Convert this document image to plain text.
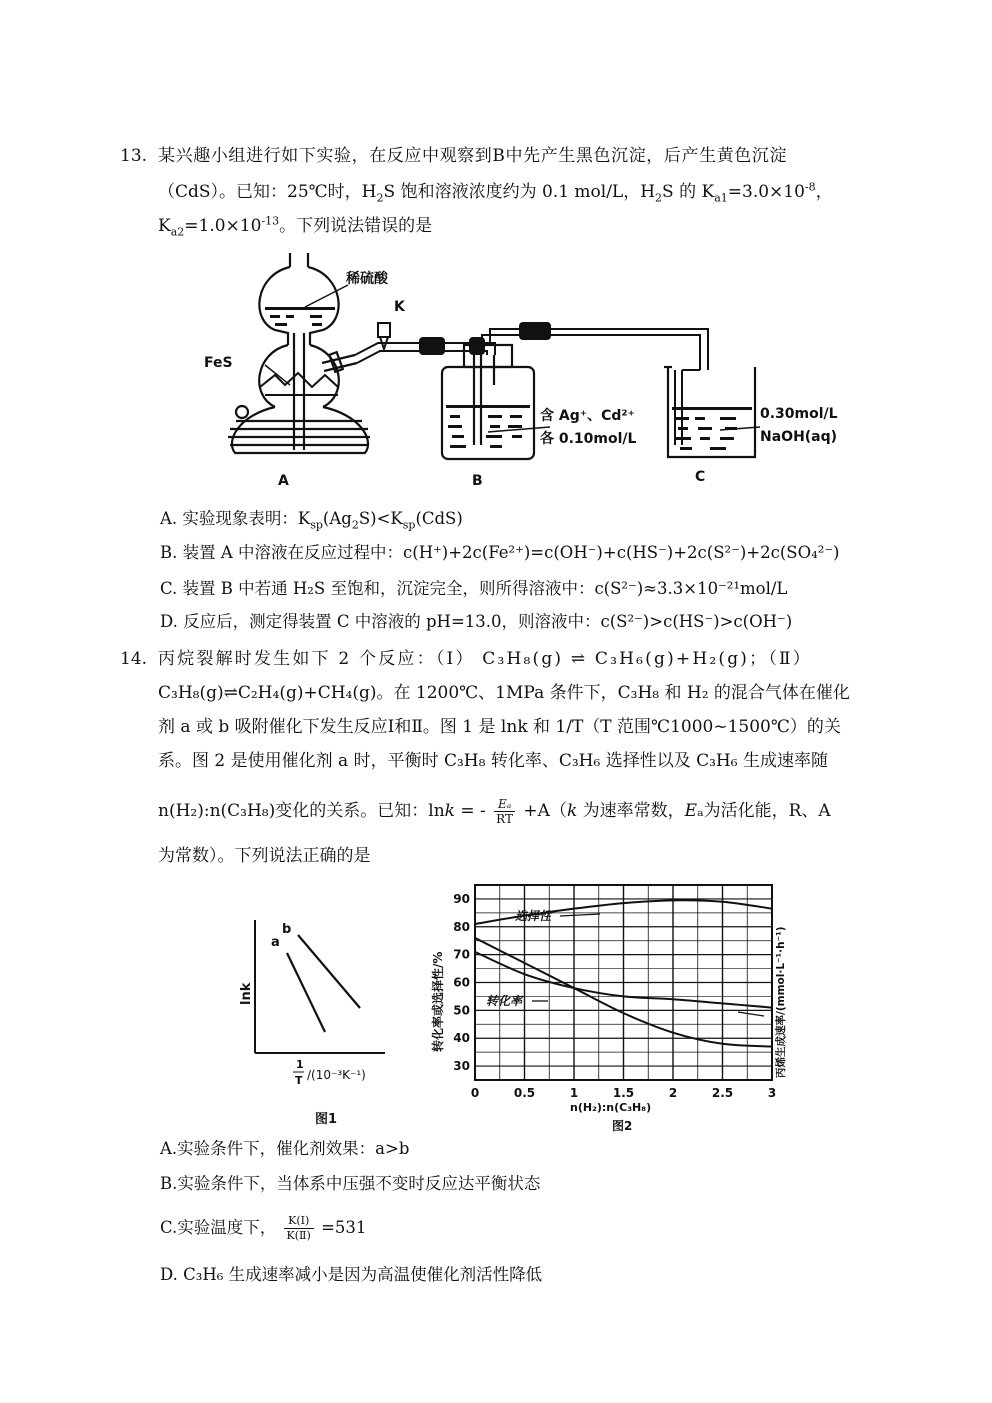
13. 某兴趣小组进行如下实验，在反应中观察到B中先产生黑色沉淀，后产生黄色沉淀
（CdS）。已知：25℃时，$H_2S$ 饱和溶液浓度约为 0.1 mol/L，$H_2S$ 的 $K_{a1}=3.0\times 10^{-8}$，
$K_{a2}=1.0\times 10^{-13}$。下列说法错误的是
稀硫酸
K
FeS
含 Ag⁺、Cd²⁺
各 0.10mol/L
0.30mol/L
NaOH(aq)
A	B	C
A. 实验现象表明：$K_{sp}(Ag_2S)<K_{sp}(CdS)$
B. 装置 A 中溶液在反应过程中：c(H⁺)+2c(Fe²⁺)=c(OH⁻)+c(HS⁻)+2c(S²⁻)+2c(SO₄²⁻)
C. 装置 B 中若通 H₂S 至饱和，沉淀完全，则所得溶液中：c(S²⁻)≈3.3×10⁻²¹mol/L
D. 反应后，测定得装置 C 中溶液的 pH=13.0，则溶液中：c(S²⁻)>c(HS⁻)>c(OH⁻)
14. 丙烷裂解时发生如下 2 个反应：（Ⅰ） C₃H₈(g) ⇌ C₃H₆(g)+H₂(g)；（Ⅱ）
C₃H₈(g)⇌C₂H₄(g)+CH₄(g)。在 1200℃、1MPa 条件下，C₃H₈ 和 H₂ 的混合气体在催化
剂 a 或 b 吸附催化下发生反应Ⅰ和Ⅱ。图 1 是 lnk 和 1/T（T 范围℃1000~1500℃）的关
系。图 2 是使用催化剂 a 时，平衡时 C₃H₈ 转化率、C₃H₆ 选择性以及 C₃H₆ 生成速率随
n(H₂):n(C₃H₈)变化的关系。已知：lnk = - $\frac{\text{Eₐ}}{RT} +A(k$ 为速率常数，Eₐ为活化能，R、A
为常数）。下列说法正确的是
a
b
lnk
1
T /(10⁻³K⁻¹)
图1
0	0.5	1	1.5	2	2.5	3
30
40
50
60
70
80
90
转化率或选择性/%	丙烯生成速率/(mmol·L⁻¹·h⁻¹)
选择性
转化率
n(H₂):n(C₃H₈)
图2
A.实验条件下，催化剂效果：a>b
B.实验条件下，当体系中压强不变时反应达平衡状态
C.实验温度下， $\frac{\text{K(Ⅰ)}}{\text{K(Ⅱ)}} =531$
D. C₃H₆ 生成速率减小是因为高温使催化剂活性降低
